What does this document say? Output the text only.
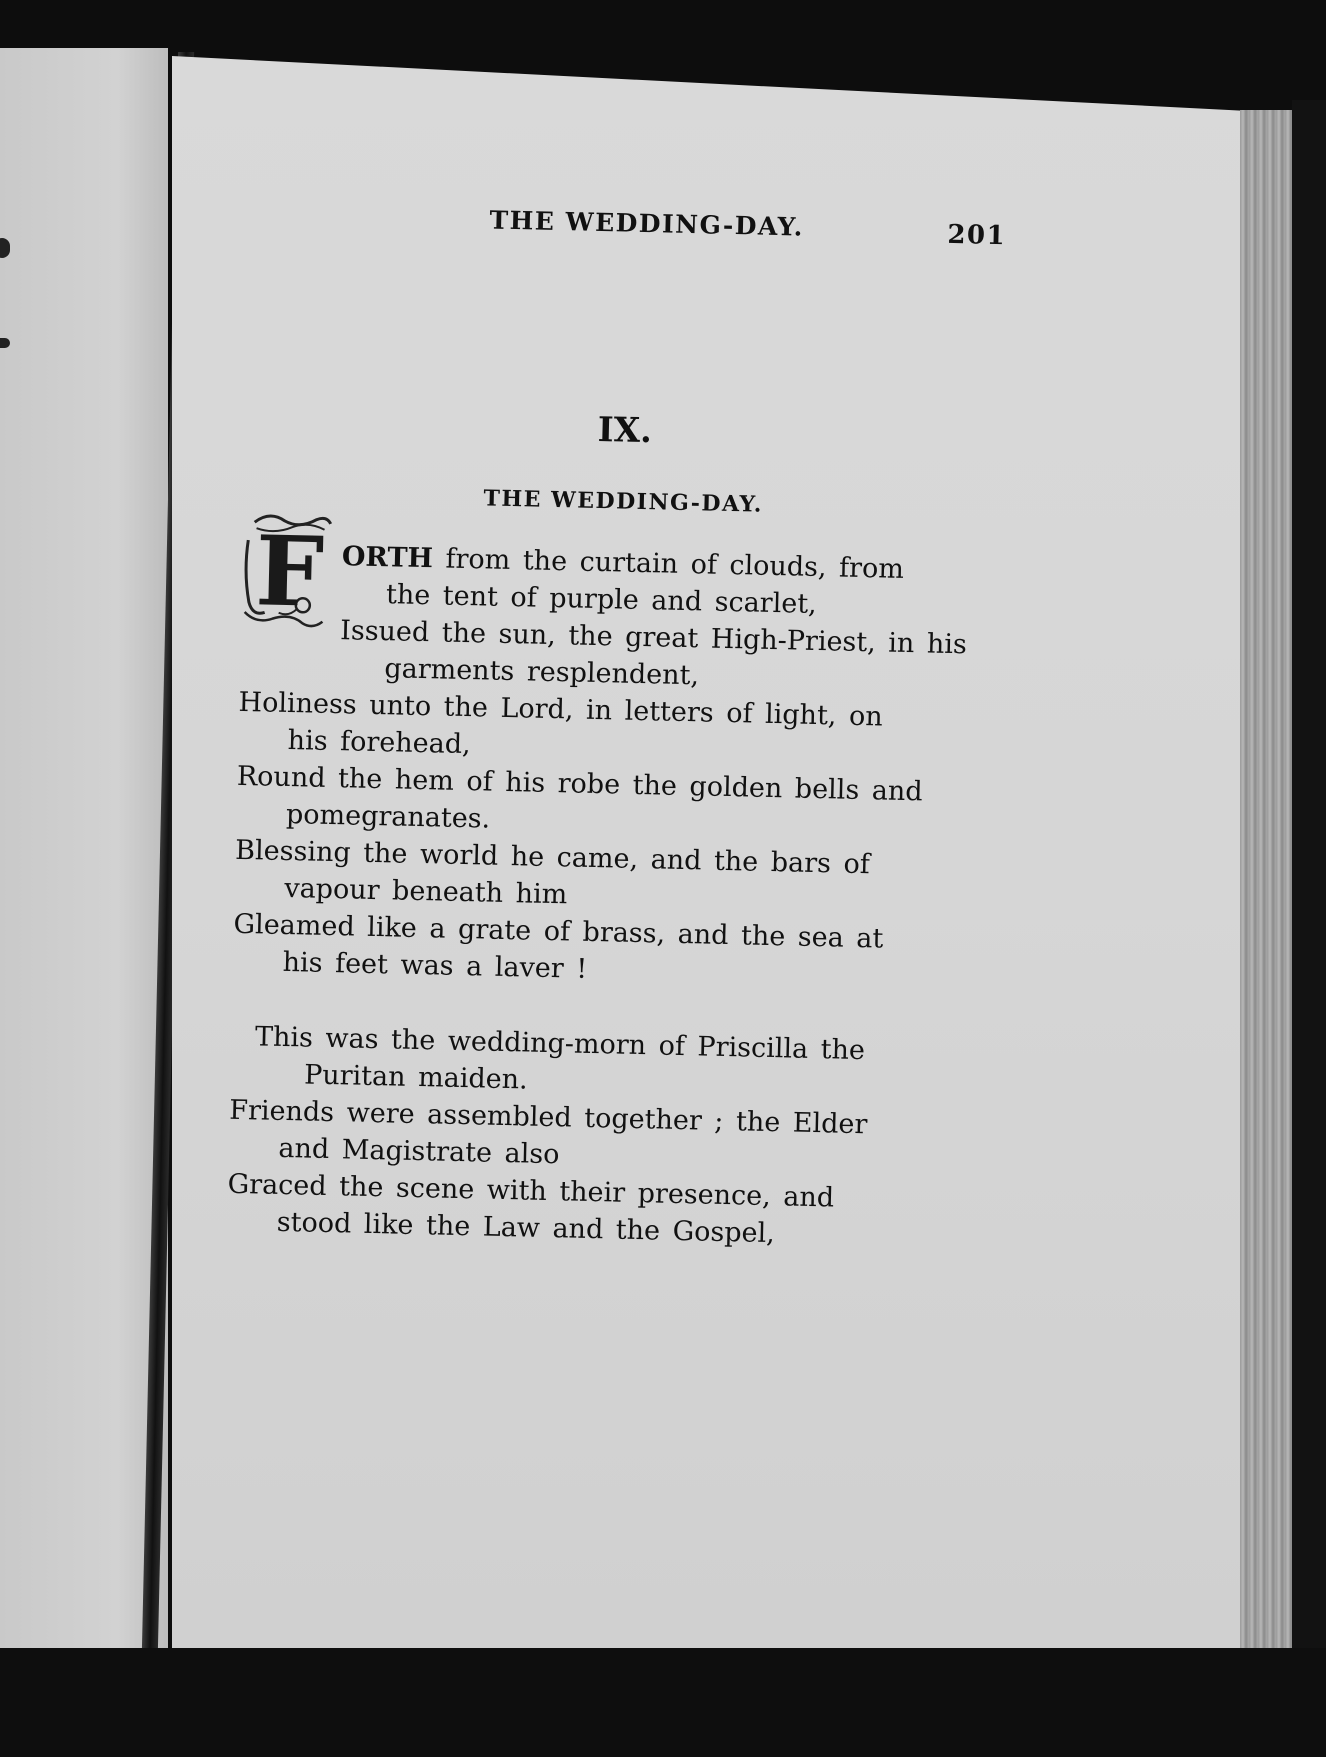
THE WEDDING-DAY.	201
IX.
THE WEDDING-DAY.

F ORTH from the curtain of clouds, from
the tent of purple and scarlet,

Issued the sun, the great High-Priest, in his garments resplendent,

Holiness unto the Lord, in letters of light, on his forehead,

Round the hem of his robe the golden bells and pomegranates.

Blessing the world he came, and the bars of vapour beneath him

Gleamed like a grate of brass, and the sea at his feet was a laver !

This was the wedding-morn of Priscilla the Puritan maiden.

Friends were assembled together ; the Elder and Magistrate also

Graced the scene with their presence, and stood like the Law and the Gospel,
